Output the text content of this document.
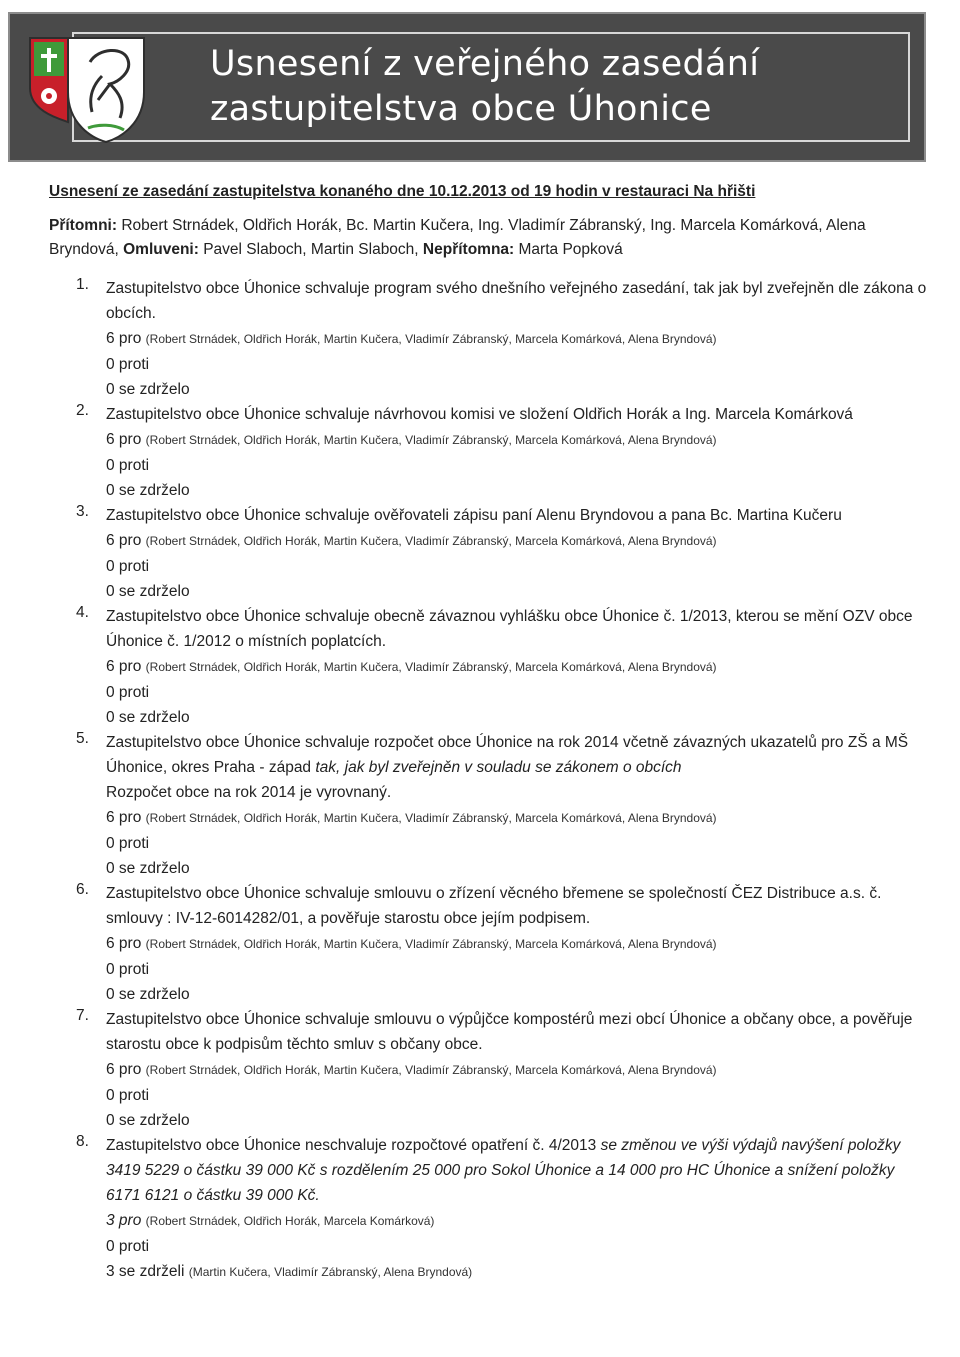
Usnesení z veřejného zasedání
zastupitelstva obce Úhonice
Usnesení ze zasedání zastupitelstva konaného dne 10.12.2013 od 19 hodin v restauraci Na hřišti
Přítomni: Robert Strnádek, Oldřich Horák, Bc. Martin Kučera, Ing. Vladimír Zábranský, Ing. Marcela Komárková, Alena Bryndová, Omluveni: Pavel Slaboch, Martin Slaboch, Nepřítomna: Marta Popková
1. Zastupitelstvo obce Úhonice schvaluje program svého dnešního veřejného zasedání, tak jak byl zveřejněn dle zákona o obcích.
6 pro (Robert Strnádek, Oldřich Horák, Martin Kučera, Vladimír Zábranský, Marcela Komárková, Alena Bryndová)
0 proti
0 se zdrželo
2. Zastupitelstvo obce Úhonice schvaluje návrhovou komisi ve složení Oldřich Horák a Ing. Marcela Komárková
6 pro (Robert Strnádek, Oldřich Horák, Martin Kučera, Vladimír Zábranský, Marcela Komárková, Alena Bryndová)
0 proti
0 se zdrželo
3. Zastupitelstvo obce Úhonice schvaluje ověřovateli zápisu paní Alenu Bryndovou a pana Bc. Martina Kučeru
6 pro (Robert Strnádek, Oldřich Horák, Martin Kučera, Vladimír Zábranský, Marcela Komárková, Alena Bryndová)
0 proti
0 se zdrželo
4. Zastupitelstvo obce Úhonice schvaluje obecně závaznou vyhlášku obce Úhonice č. 1/2013, kterou se mění OZV obce Úhonice č. 1/2012 o místních poplatcích.
6 pro (Robert Strnádek, Oldřich Horák, Martin Kučera, Vladimír Zábranský, Marcela Komárková, Alena Bryndová)
0 proti
0 se zdrželo
5. Zastupitelstvo obce Úhonice schvaluje rozpočet obce Úhonice na rok 2014 včetně závazných ukazatelů pro ZŠ a MŠ Úhonice, okres Praha - západ tak, jak byl zveřejněn v souladu se zákonem o obcích
Rozpočet obce na rok 2014 je vyrovnaný.
6 pro (Robert Strnádek, Oldřich Horák, Martin Kučera, Vladimír Zábranský, Marcela Komárková, Alena Bryndová)
0 proti
0 se zdrželo
6. Zastupitelstvo obce Úhonice schvaluje smlouvu o zřízení věcného břemene se společností ČEZ Distribuce a.s. č. smlouvy : IV-12-6014282/01, a pověřuje starostu obce jejím podpisem.
6 pro (Robert Strnádek, Oldřich Horák, Martin Kučera, Vladimír Zábranský, Marcela Komárková, Alena Bryndová)
0 proti
0 se zdrželo
7. Zastupitelstvo obce Úhonice schvaluje smlouvu o výpůjčce kompostérů mezi obcí Úhonice a občany obce, a pověřuje starostu obce k podpisům těchto smluv s občany obce.
6 pro (Robert Strnádek, Oldřich Horák, Martin Kučera, Vladimír Zábranský, Marcela Komárková, Alena Bryndová)
0 proti
0 se zdrželo
8. Zastupitelstvo obce Úhonice neschvaluje rozpočtové opatření č. 4/2013 se změnou ve výši výdajů navýšení položky 3419 5229 o částku 39 000 Kč s rozdělením 25 000 pro Sokol Úhonice a 14 000 pro HC Úhonice a snížení položky 6171 6121 o částku 39 000 Kč.
3 pro (Robert Strnádek, Oldřich Horák, Marcela Komárková)
0 proti
3 se zdrželi (Martin Kučera, Vladimír Zábranský, Alena Bryndová)
